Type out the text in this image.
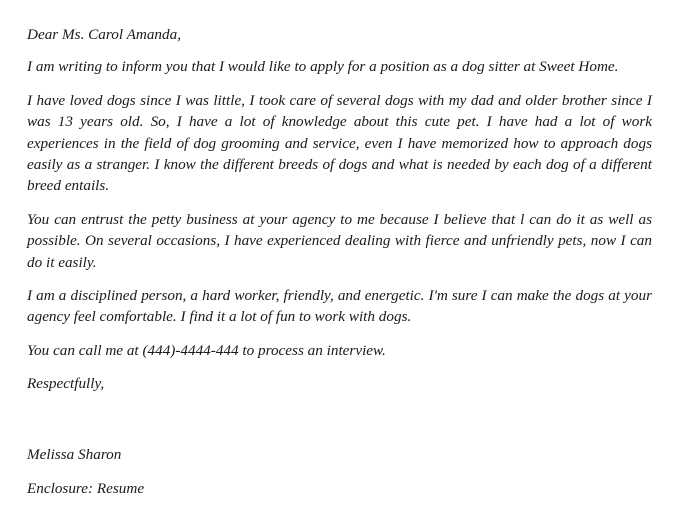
Dear Ms. Carol Amanda,

I am writing to inform you that I would like to apply for a position as a dog sitter at Sweet Home.

I have loved dogs since I was little, I took care of several dogs with my dad and older brother since I was 13 years old. So, I have a lot of knowledge about this cute pet. I have had a lot of work experiences in the field of dog grooming and service, even I have memorized how to approach dogs easily as a stranger. I know the different breeds of dogs and what is needed by each dog of a different breed entails.

You can entrust the petty business at your agency to me because I believe that l can do it as well as possible. On several occasions, I have experienced dealing with fierce and unfriendly pets, now I can do it easily.

I am a disciplined person, a hard worker, friendly, and energetic. I'm sure I can make the dogs at your agency feel comfortable. I find it a lot of fun to work with dogs.

You can call me at (444)-4444-444 to process an interview.

Respectfully,

Melissa Sharon

Enclosure: Resume
